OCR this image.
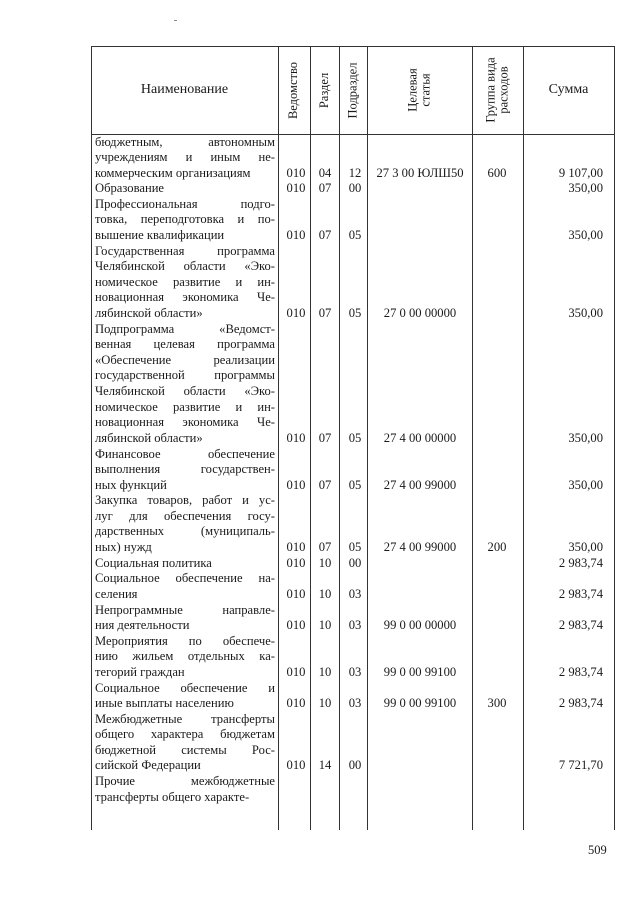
Наименование	Ведомство Раздел Подраздел	Целевая статья	Группа вида расходов	Сумма
бюджетным, автономным
учреждениям и иным не-
коммерческим организациям	010 04 12	27 3 00 ЮЛШ50	600	9 107,00
Образование	010 07 00	350,00
Профессиональная подго-
товка, переподготовка и по-
вышение квалификации	010 07 05	350,00
Государственная программа
Челябинской области «Эко-
номическое развитие и ин-
новационная экономика Че-
лябинской области»	010 07 05	27 0 00 00000	350,00
Подпрограмма «Ведомст-
венная целевая программа
«Обеспечение реализации
государственной программы
Челябинской области «Эко-
номическое развитие и ин-
новационная экономика Че-
лябинской области»	010 07 05	27 4 00 00000	350,00
Финансовое обеспечение
выполнения государствен-
ных функций	010 07 05	27 4 00 99000	350,00
Закупка товаров, работ и ус-
луг для обеспечения госу-
дарственных (муниципаль-
ных) нужд	010 07 05	27 4 00 99000	200	350,00
Социальная политика	010 10 00	2 983,74
Социальное обеспечение на-
селения	010 10 03	2 983,74
Непрограммные направле-
ния деятельности	010 10 03	99 0 00 00000	2 983,74
Мероприятия по обеспече-
нию жильем отдельных ка-
тегорий граждан	010 10 03	99 0 00 99100	2 983,74
Социальное обеспечение и
иные выплаты населению	010 10 03	99 0 00 99100	300	2 983,74
Межбюджетные трансферты
общего характера бюджетам
бюджетной системы Рос-
сийской Федерации	010 14 00	7 721,70
Прочие межбюджетные
трансферты общего характе-
509
